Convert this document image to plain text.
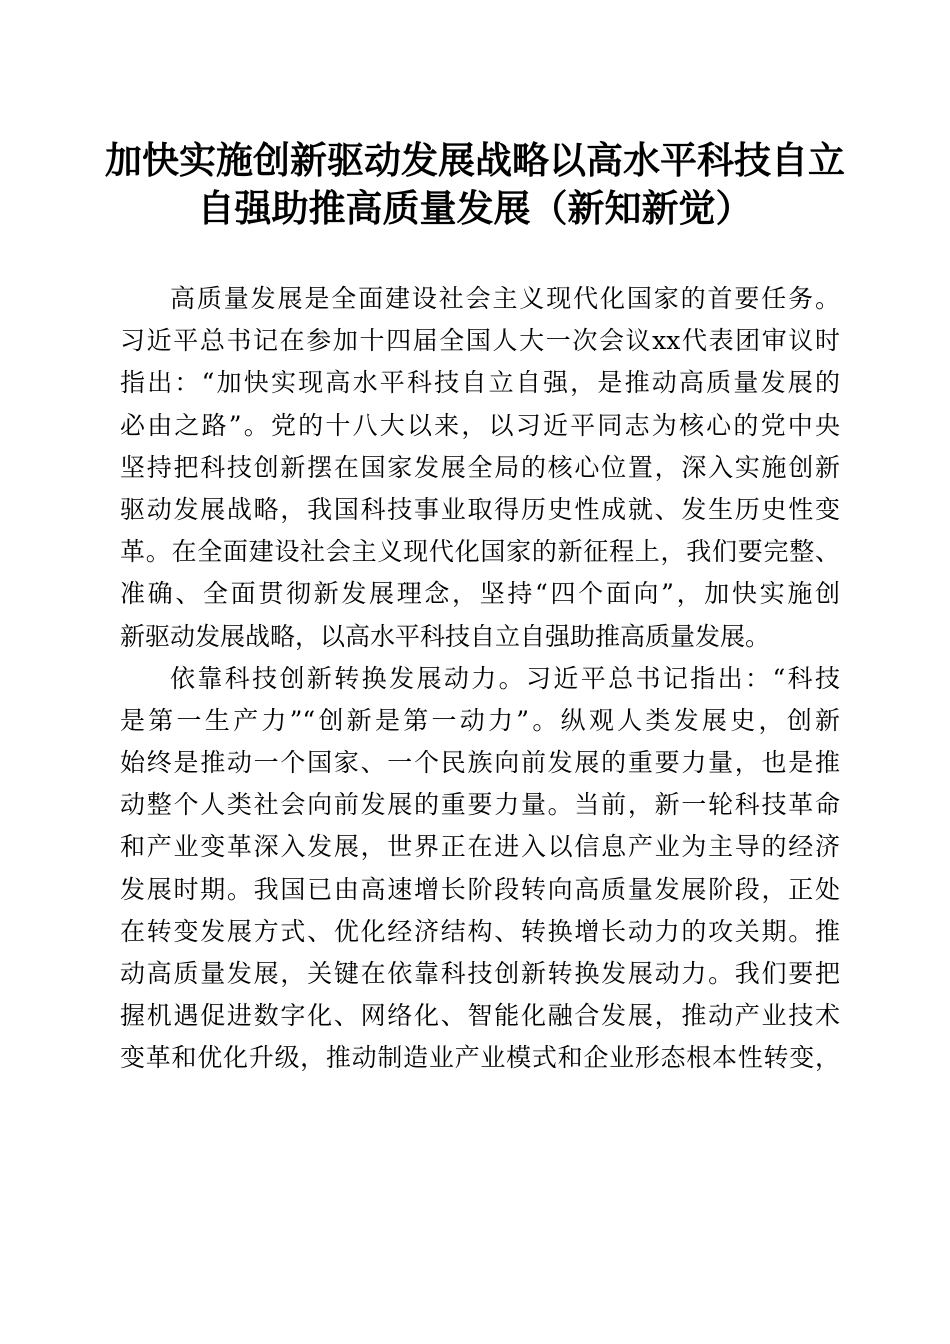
加快实施创新驱动发展战略以高水平科技自立
自强助推高质量发展（新知新觉）
高质量发展是全面建设社会主义现代化国家的首要任务。
习近平总书记在参加十四届全国人大一次会议xx代表团审议时
指出：“加快实现高水平科技自立自强，是推动高质量发展的
必由之路”。党的十八大以来，以习近平同志为核心的党中央
坚持把科技创新摆在国家发展全局的核心位置，深入实施创新
驱动发展战略，我国科技事业取得历史性成就、发生历史性变
革。在全面建设社会主义现代化国家的新征程上，我们要完整、
准确、全面贯彻新发展理念，坚持“四个面向”，加快实施创
新驱动发展战略，以高水平科技自立自强助推高质量发展。
依靠科技创新转换发展动力。习近平总书记指出：“科技
是第一生产力”“创新是第一动力”。纵观人类发展史，创新
始终是推动一个国家、一个民族向前发展的重要力量，也是推
动整个人类社会向前发展的重要力量。当前，新一轮科技革命
和产业变革深入发展，世界正在进入以信息产业为主导的经济
发展时期。我国已由高速增长阶段转向高质量发展阶段，正处
在转变发展方式、优化经济结构、转换增长动力的攻关期。推
动高质量发展，关键在依靠科技创新转换发展动力。我们要把
握机遇促进数字化、网络化、智能化融合发展，推动产业技术
变革和优化升级，推动制造业产业模式和企业形态根本性转变，
